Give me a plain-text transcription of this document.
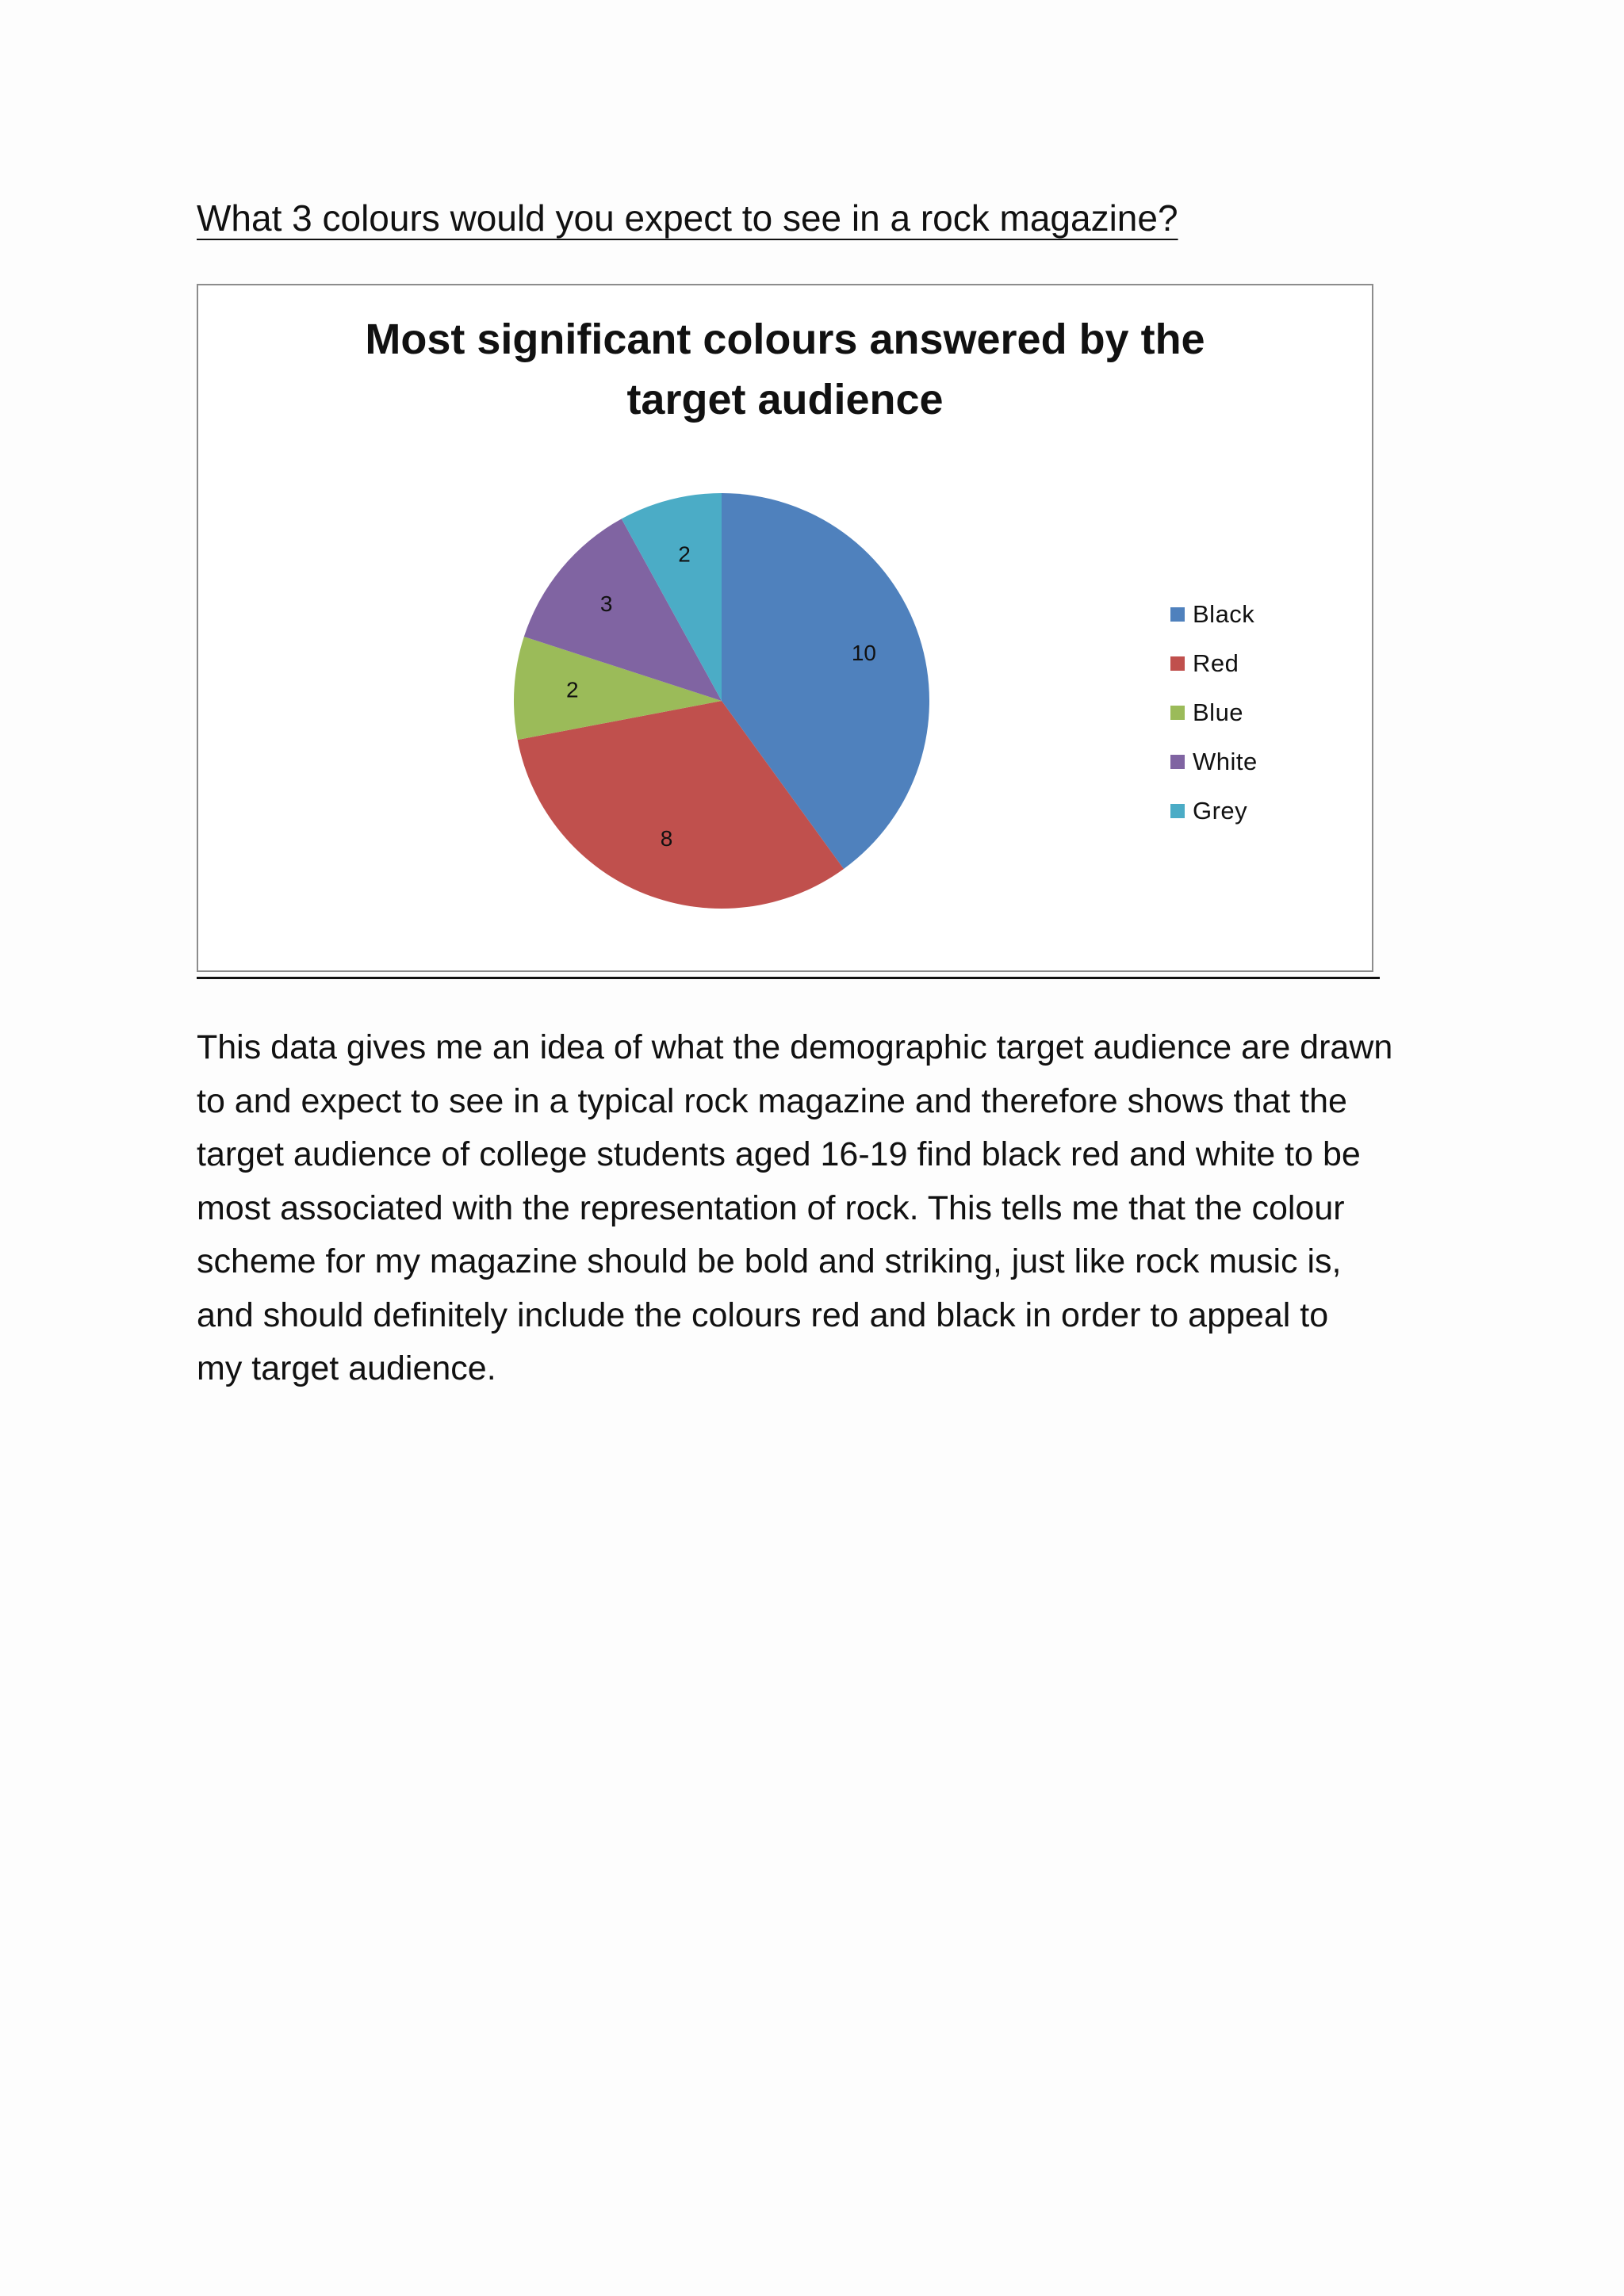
What 3 colours would you expect to see in a rock magazine?
Most significant colours answered by the
target audience
10
8
2
3
2
Black
Red
Blue
White
Grey
This data gives me an idea of what the demographic target audience are drawn
to and expect to see in a typical rock magazine and therefore shows that the
target audience of college students aged 16-19 find black red and white to be
most associated with the representation of rock. This tells me that the colour
scheme for my magazine should be bold and striking, just like rock music is,
and should definitely include the colours red and black in order to appeal to
my target audience.
